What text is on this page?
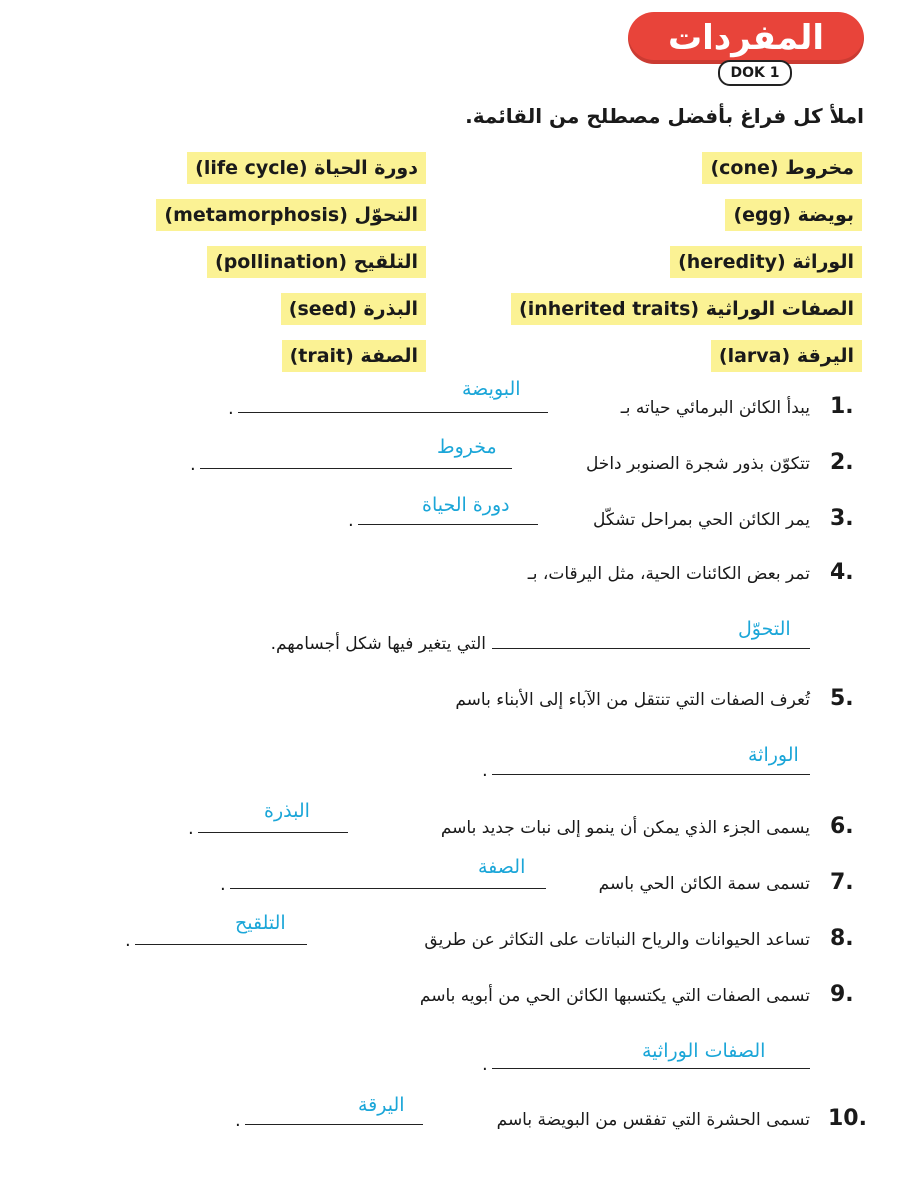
المفردات
DOK 1
املأ كل فراغ بأفضل مصطلح من القائمة.
مخروط (cone)
بويضة (egg)
الوراثة (heredity)
الصفات الوراثية (inherited traits)
اليرقة (larva)
دورة الحياة (life cycle)
التحوّل (metamorphosis)
التلقيح (pollination)
البذرة (seed)
الصفة (trait)
1.
يبدأ الكائن البرمائي حياته بـ
البويضة
.
2.
تتكوّن بذور شجرة الصنوبر داخل
مخروط
.
3.
يمر الكائن الحي بمراحل تشكّل
دورة الحياة
.
4.
تمر بعض الكائنات الحية، مثل اليرقات، بـ
التحوّل
التي يتغير فيها شكل أجسامهم.
5.
تُعرف الصفات التي تنتقل من الآباء إلى الأبناء باسم
الوراثة
.
6.
يسمى الجزء الذي يمكن أن ينمو إلى نبات جديد باسم
البذرة
.
7.
تسمى سمة الكائن الحي باسم
الصفة
.
8.
تساعد الحيوانات والرياح النباتات على التكاثر عن طريق
التلقيح
.
9.
تسمى الصفات التي يكتسبها الكائن الحي من أبويه باسم
الصفات الوراثية
.
10.
تسمى الحشرة التي تفقس من البويضة باسم
اليرقة
.
